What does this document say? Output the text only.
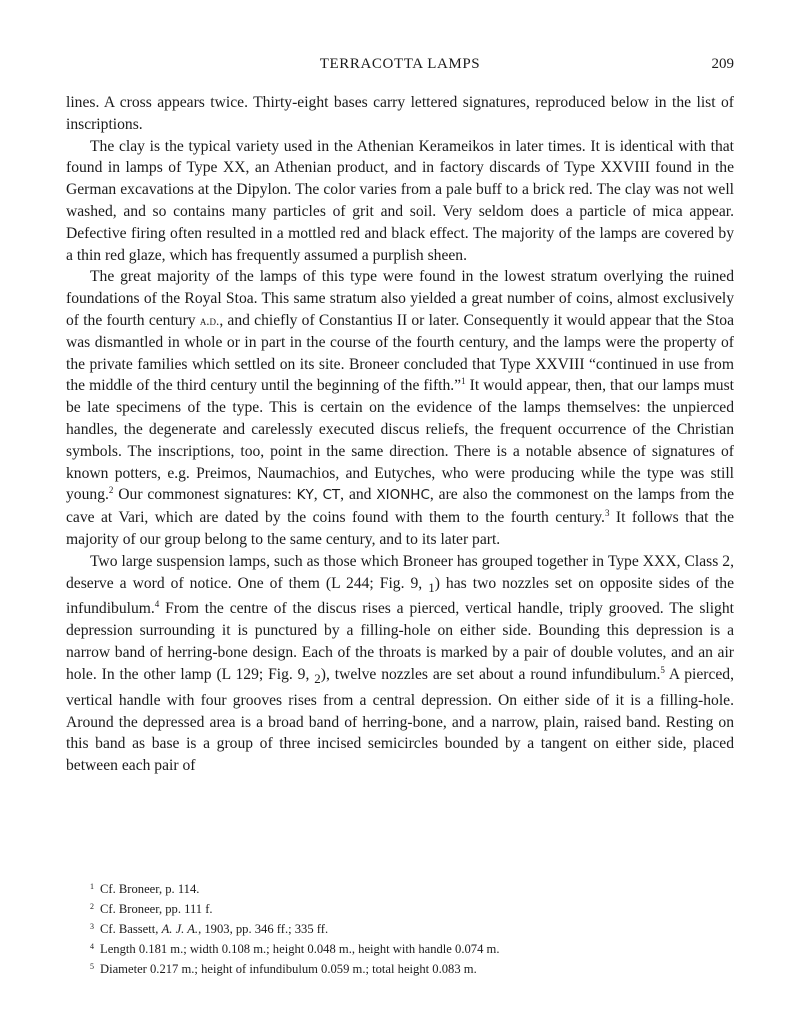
TERRACOTTA LAMPS	209

lines. A cross appears twice. Thirty-eight bases carry lettered signatures, reproduced below in the list of inscriptions.

The clay is the typical variety used in the Athenian Kerameikos in later times. It is identical with that found in lamps of Type XX, an Athenian product, and in factory discards of Type XXVIII found in the German excavations at the Dipylon. The color varies from a pale buff to a brick red. The clay was not well washed, and so contains many particles of grit and soil. Very seldom does a particle of mica appear. Defective firing often resulted in a mottled red and black effect. The majority of the lamps are covered by a thin red glaze, which has frequently assumed a purplish sheen.

The great majority of the lamps of this type were found in the lowest stratum overlying the ruined foundations of the Royal Stoa. This same stratum also yielded a great number of coins, almost exclusively of the fourth century a.d., and chiefly of Constantius II or later. Consequently it would appear that the Stoa was dismantled in whole or in part in the course of the fourth century, and the lamps were the property of the private families which settled on its site. Broneer concluded that Type XXVIII “continued in use from the middle of the third century until the beginning of the fifth.”$^1$ It would appear, then, that our lamps must be late specimens of the type. This is certain on the evidence of the lamps themselves: the unpierced handles, the degenerate and carelessly executed discus reliefs, the frequent occurrence of the Christian symbols. The inscriptions, too, point in the same direction. There is a notable absence of signatures of known potters, e.g. Preimos, Naumachios, and Eutyches, who were producing while the type was still young.$^2$ Our commonest signatures: ΚΥ, ϹΤ, and ΧΙΟΝΗϹ, are also the commonest on the lamps from the cave at Vari, which are dated by the coins found with them to the fourth century.$^3$ It follows that the majority of our group belong to the same century, and to its later part.

Two large suspension lamps, such as those which Broneer has grouped together in Type XXX, Class 2, deserve a word of notice. One of them (L 244; Fig. 9, $_1$) has two nozzles set on opposite sides of the infundibulum.$^4$ From the centre of the discus rises a pierced, vertical handle, triply grooved. The slight depression surrounding it is punctured by a filling-hole on either side. Bounding this depression is a narrow band of herring-bone design. Each of the throats is marked by a pair of double volutes, and an air hole. In the other lamp (L 129; Fig. 9, $_2$), twelve nozzles are set about a round infundibulum.$^5$ A pierced, vertical handle with four grooves rises from a central depression. On either side of it is a filling-hole. Around the depressed area is a broad band of herring-bone, and a narrow, plain, raised band. Resting on this band as base is a group of three incised semicircles bounded by a tangent on either side, placed between each pair of

$^1$ Cf. Broneer, p. 114.
$^2$ Cf. Broneer, pp. 111 f.
$^3$ Cf. Bassett, A. J. A., 1903, pp. 346 ff.; 335 ff.
$^4$ Length 0.181 m.; width 0.108 m.; height 0.048 m., height with handle 0.074 m.
$^5$ Diameter 0.217 m.; height of infundibulum 0.059 m.; total height 0.083 m.
